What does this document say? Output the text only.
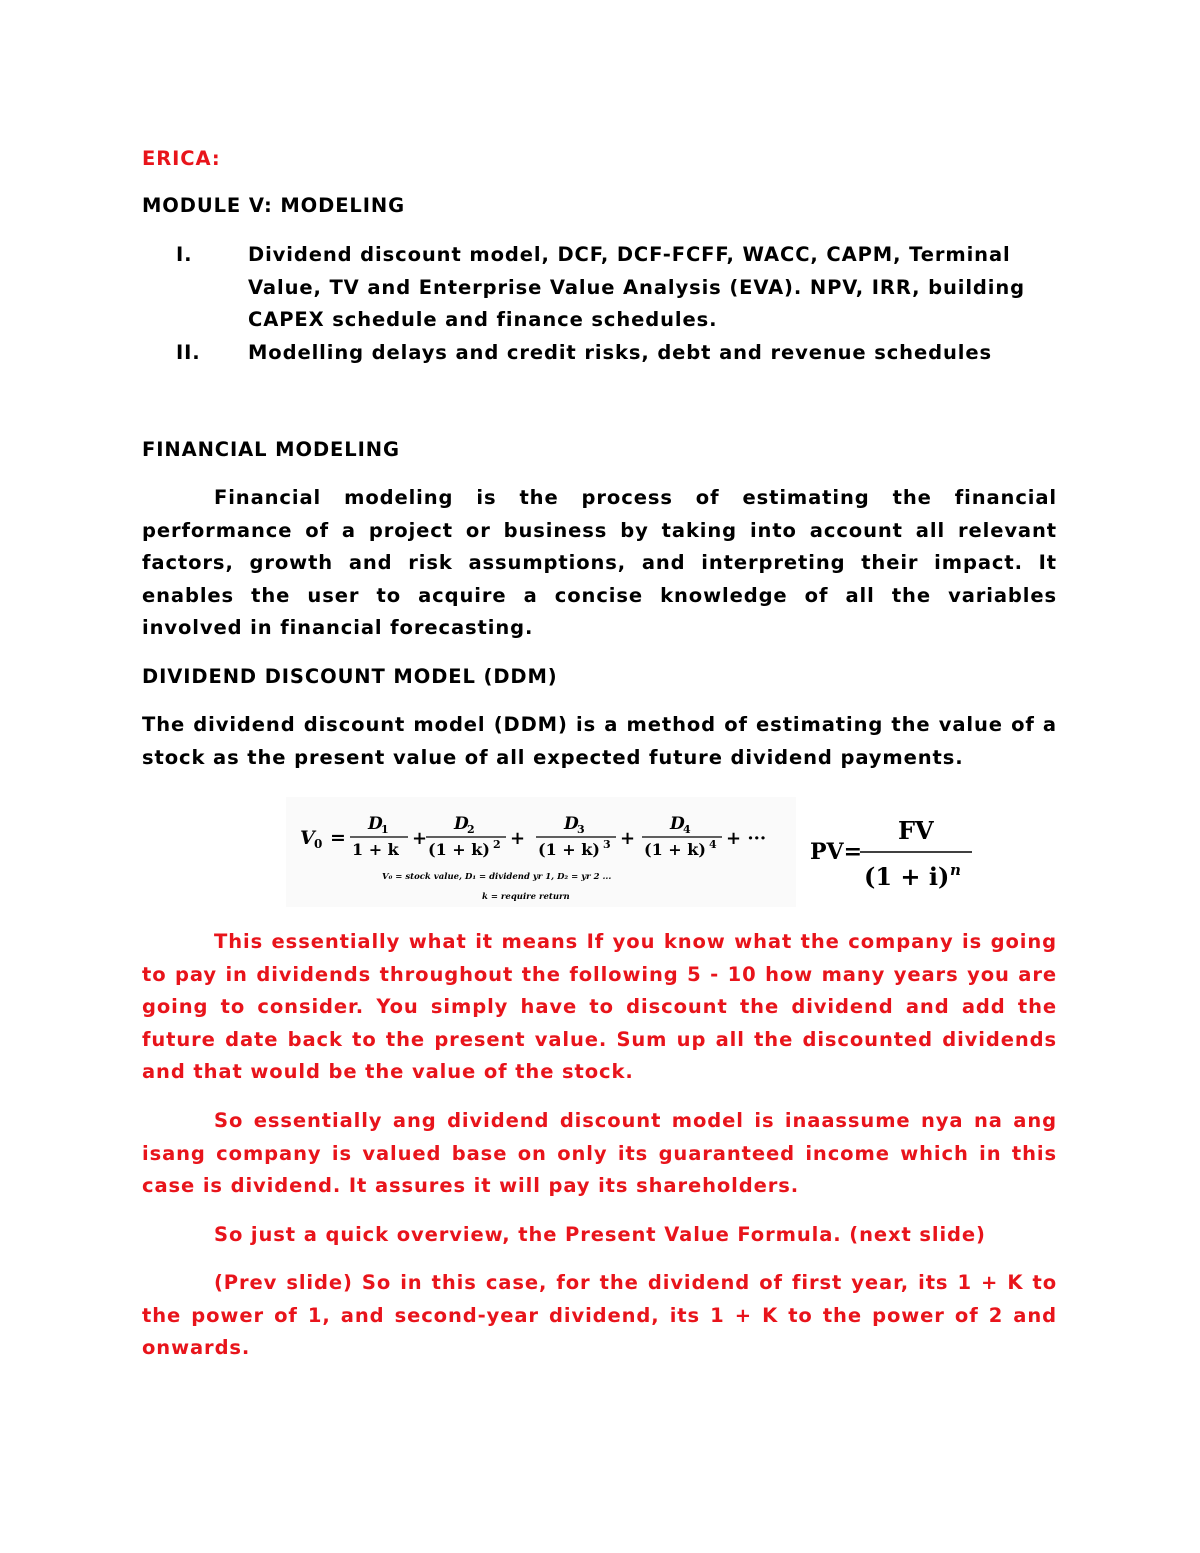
ERICA:
MODULE V: MODELING
I.	Dividend discount model, DCF, DCF-FCFF, WACC, CAPM, Terminal
Value, TV and Enterprise Value Analysis (EVA). NPV, IRR, building
CAPEX schedule and finance schedules.
II. Modelling delays and credit risks, debt and revenue schedules
FINANCIAL MODELING
Financial modeling is the process of estimating the financial performance of a project or business by taking into account all relevant factors, growth and risk assumptions, and interpreting their impact. It enables the user to acquire a concise knowledge of all the variables involved in financial forecasting.
DIVIDEND DISCOUNT MODEL (DDM)
The dividend discount model (DDM) is a method of estimating the value of a stock as the present value of all expected future dividend payments.
V 0 =
D
1
1 + k
+
D
2
(1 + k) 2 +
D
3
(1 + k) 3 +
D
4
(1 + k) 4 + ···
V₀ = stock value, D₁ = dividend yr 1, D₂ = yr 2 ...
k = require return
PV=
FV
(1 + i) n
This essentially what it means If you know what the company is going to pay in dividends throughout the following 5 - 10 how many years you are going to consider. You simply have to discount the dividend and add the future date back to the present value. Sum up all the discounted dividends and that would be the value of the stock.
So essentially ang dividend discount model is inaassume nya na ang isang company is valued base on only its guaranteed income which in this case is dividend. It assures it will pay its shareholders.
So just a quick overview, the Present Value Formula. (next slide)
(Prev slide) So in this case, for the dividend of first year, its 1 + K to the power of 1, and second-year dividend, its 1 + K to the power of 2 and onwards.
